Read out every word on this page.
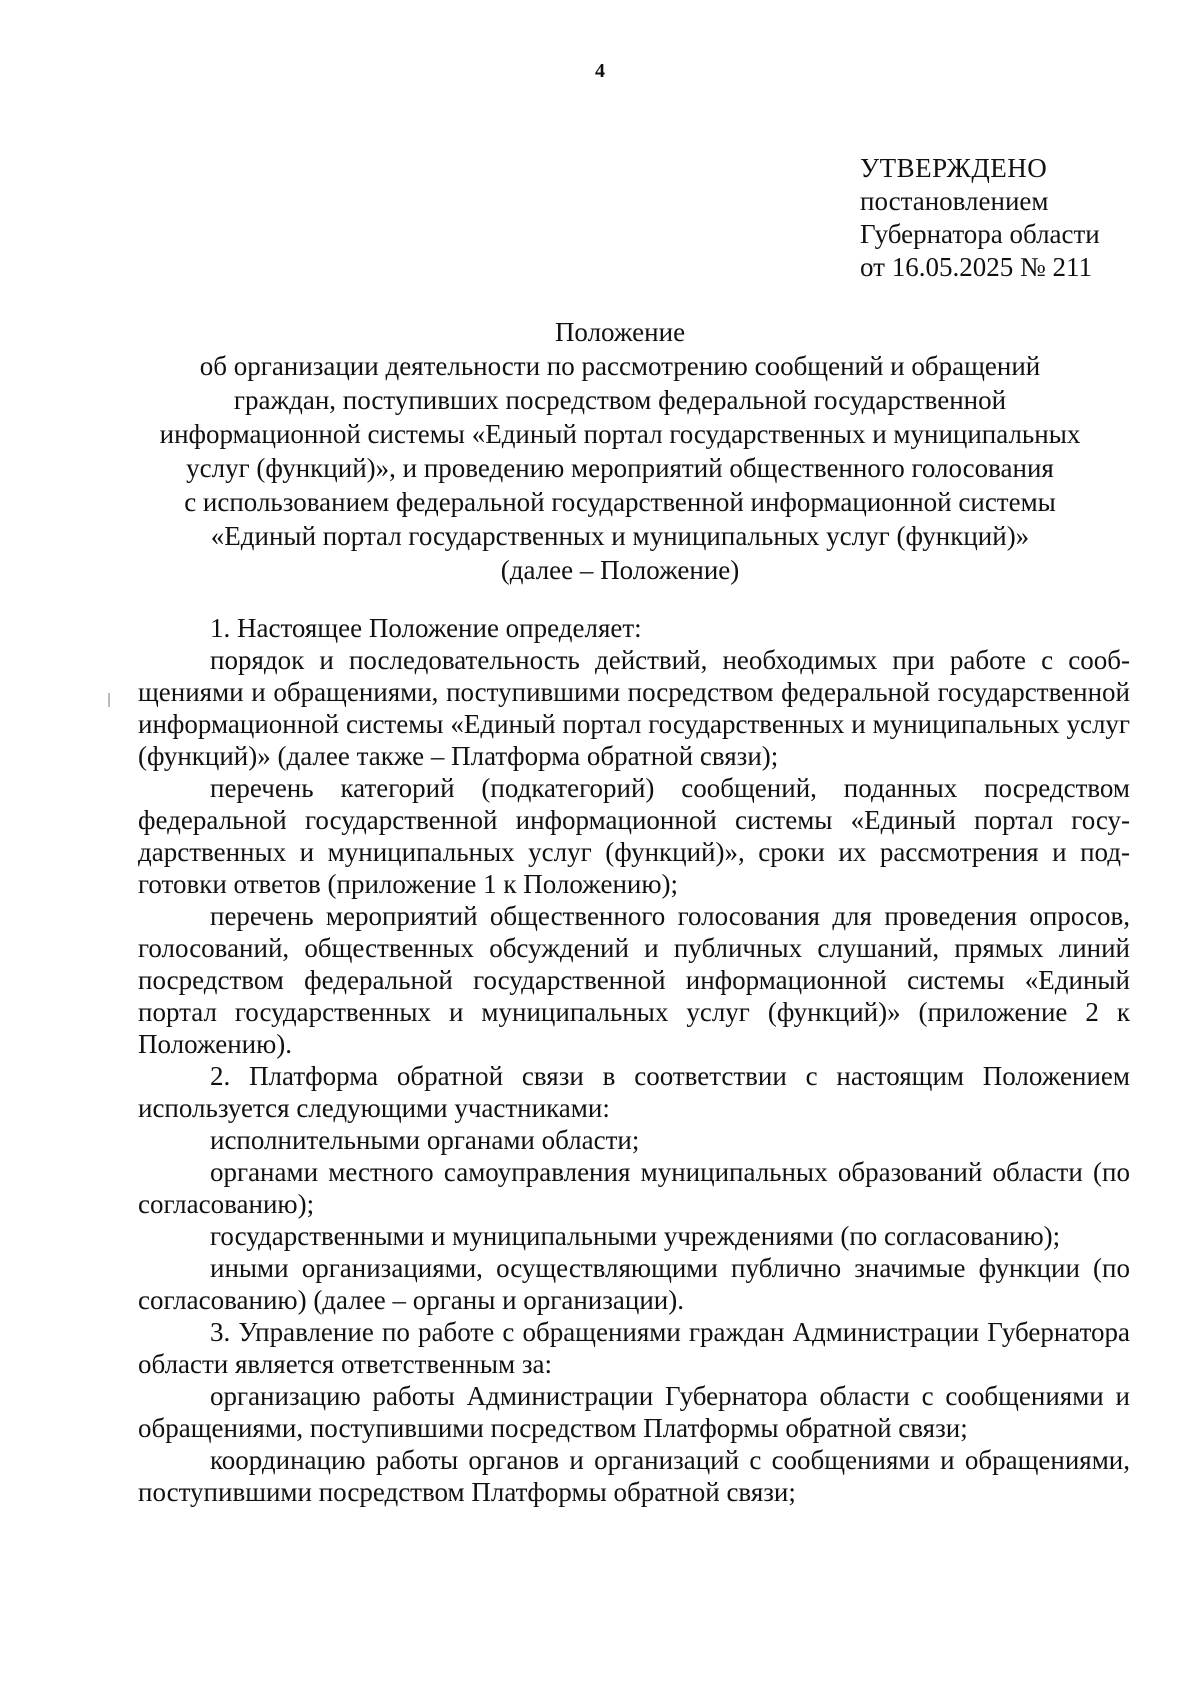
4
УТВЕРЖДЕНО
постановлением
Губернатора области
от 16.05.2025 № 211
Положение
об организации деятельности по рассмотрению сообщений и обращений
граждан, поступивших посредством федеральной государственной
информационной системы «Единый портал государственных и муниципальных
услуг (функций)», и проведению мероприятий общественного голосования
с использованием федеральной государственной информационной системы
«Единый портал государственных и муниципальных услуг (функций)»
(далее – Положение)

1. Настоящее Положение определяет:

порядок и последовательность действий, необходимых при работе с сообщениями и обращениями, поступившими посредством федеральной государственной информационной системы «Единый портал государственных и муниципальных услуг (функций)» (далее также – Платформа обратной связи);

перечень категорий (подкатегорий) сообщений, поданных посредством федеральной государственной информационной системы «Единый портал государственных и муниципальных услуг (функций)», сроки их рассмотрения и подготовки ответов (приложение 1 к Положению);

перечень мероприятий общественного голосования для проведения опросов, голосований, общественных обсуждений и публичных слушаний, прямых линий посредством федеральной государственной информационной системы «Единый портал государственных и муниципальных услуг (функций)» (приложение 2 к Положению).

2. Платформа обратной связи в соответствии с настоящим Положением используется следующими участниками:

исполнительными органами области;

органами местного самоуправления муниципальных образований области (по согласованию);

государственными и муниципальными учреждениями (по согласованию);

иными организациями, осуществляющими публично значимые функции (по согласованию) (далее – органы и организации).

3. Управление по работе с обращениями граждан Администрации Губернатора области является ответственным за:

организацию работы Администрации Губернатора области с сообщениями и обращениями, поступившими посредством Платформы обратной связи;

координацию работы органов и организаций с сообщениями и обращениями, поступившими посредством Платформы обратной связи;
